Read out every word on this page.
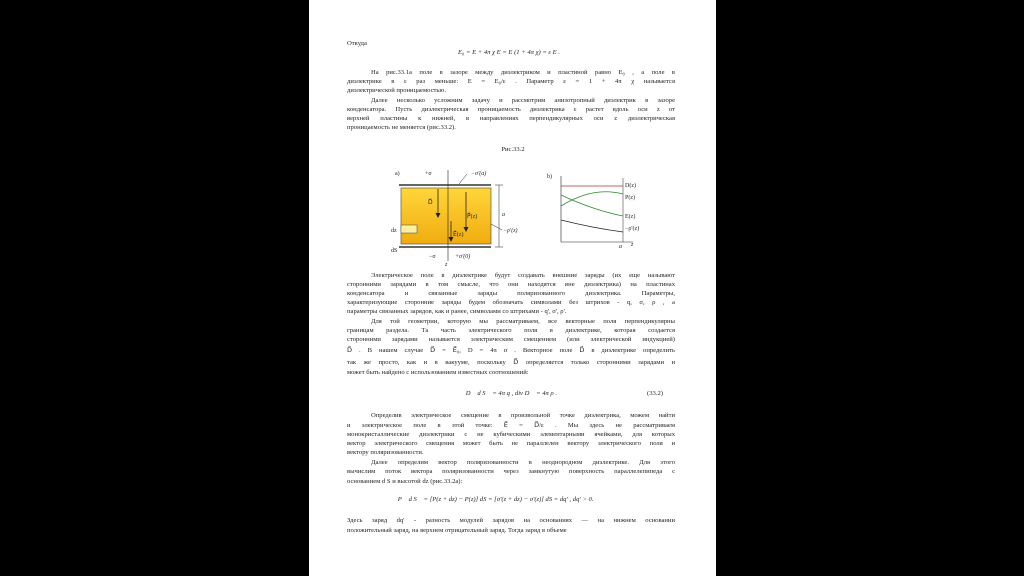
Откуда
E₀ = E + 4π χ E = E (1 + 4π χ) = ε E .
На рис.33.1а поле в зазоре между диэлектриком и пластиной равно E₀ , а поле в
диэлектрике в ε раз меньше: E = E₀/ε . Параметр ε = 1 + 4π χ называется
диэлектрической проницаемостью.
Далее несколько усложним задачу и рассмотрим анизотропный диэлектрик в зазоре
конденсатора. Пусть диэлектрическая проницаемость диэлектрика ε растет вдоль оси z от
верхней пластины к нижней, в направлениях перпендикулярных оси z диэлектрическая
проницаемость не меняется (рис.33.2).
Рис.33.2
a)	+σ	−σ'(a)
D⃗
P⃗(z)
E⃗(z)
a
−ρ'(z)
dz
dS
−σ	+σ'(0)
z
b)
D(z)
P(z)
E(z)
−ρ'(z)
a z
Электрическое поле в диэлектрике будут создавать внешние заряды (их еще называют
сторонними зарядами в том смысле, что они находятся вне диэлектрика) на пластинах
конденсатора и связанные заряды поляризованного диэлектрика. Параметры,
характеризующие сторонние заряды будем обозначать символами без штрихов - q, σ, ρ , а
параметры связанных зарядов, как и ранее, символами со штрихами - q', σ', ρ'.
Для той геометрии, которую мы рассматриваем, все векторные поля перпендикулярны
границам раздела. Та часть электрического поля в диэлектрике, которая создается
сторонними зарядами называется электрическим смещением (или электрической индукцией)
D⃗ . В нашем случае D⃗ = E⃗₀, D = 4π σ . Векторное поле D⃗ в диэлектрике определить
так же просто, как и в вакууме, поскольку D⃗ определяется только сторонними зарядами и
может быть найдено с использованием известных соотношений:
∮ D⃗ d S⃗ = 4π q , div D⃗ = 4π ρ .	(33.2)
Определив электрическое смещение в произвольной точке диэлектрика, можем найти
и электрическое поле в этой точке: E⃗ = D⃗/ε . Мы здесь не рассматриваем
монокристаллические диэлектрики с не кубическими элементарными ячейками, для которых
вектор электрического смещения может быть не параллелен вектору электрического поля и
вектору поляризованности.
Далее определим вектор поляризованности в неоднородном диэлектрике. Для этого
вычислим поток вектора поляризованности через замкнутую поверхность параллелепипеда с
основанием d S и высотой dz (рис.33.2а):
∮ P⃗ d S⃗ = [P(z + dz) − P(z)] dS = [σ'(z + dz) − σ'(z)] dS = dq' , dq' > 0.
Здесь заряд dq' - разность модулей зарядов на основаниях — на нижнем основании
положительный заряд, на верхнем отрицательный заряд. Тогда заряд в объеме
